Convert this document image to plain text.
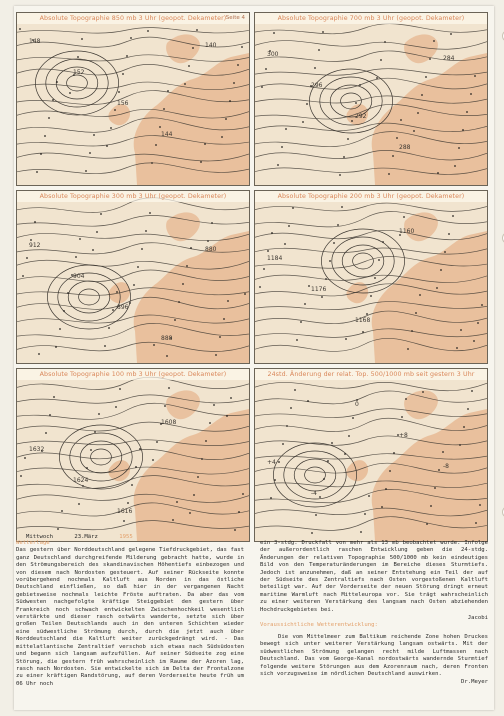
148
152
156
144
140
Absolute Topographie 850 mb 3 Uhr (geopot. Dekameter) Seite 4
300
296
292
288
284
Absolute Topographie 700 mb 3 Uhr (geopot. Dekameter)
912
904
896
888
880
Absolute Topographie 300 mb 3 Uhr (geopot. Dekameter)
1184
1176
1168
1160
Absolute Topographie 200 mb 3 Uhr (geopot. Dekameter)
1632
1624
1616
1608
Absolute Topographie 100 mb 3 Uhr (geopot. Dekameter)
+4
-4
0
+8
-8
24std. Änderung der relat. Top. 500/1000 mb seit gestern 3 Uhr
Mittwoch	23.März	1955
Wetterlage

Das gestern über Norddeutschland gelegene Tiefdruckgebiet, das fast ganz Deutschland durchgreifende Milderung gebracht hatte, wurde in den Strömungsbereich des skandinavischen Höhentiefs einbezogen und von diesem nach Nordosten gesteuert. Auf seiner Rückseite konnte vorübergehend nochmals Kaltluft aus Norden in das östliche Deutschland einfließen, so daß hier in der vergangenen Nacht gebietsweise nochmals leichte Fröste auftraten. Da aber das vom Südwesten nachgefolgte kräftige Steiggebiet den gestern über Frankreich noch schwach entwickelten Zwischenhochkeil wesentlich verstärkte und dieser rasch ostwärts wanderte, setzte sich über großen Teilen Deutschlands auch in den unteren Schichten wieder eine südwestliche Strömung durch, durch die jetzt auch über Norddeutschland die Kaltluft weiter zurückgedrängt wird. - Das mittelatlantische Zentraltief verschob sich etwas nach Südsüdosten und begann sich langsam aufzufüllen. Auf seiner Südseite zog eine Störung, die gestern früh wahrscheinlich im Raume der Azoren lag, rasch nach Nordosten. Sie entwickelte sich im Delta der Frontalzone zu einer kräftigen Randstörung, auf deren Vorderseite heute früh um 06 Uhr noch

ein 3-stdg. Druckfall von mehr als 13 mb beobachtet wurde. Infolge der außerordentlich raschen Entwicklung geben die 24-stdg. Änderungen der relativen Topographie 500/1000 mb kein eindeutiges Bild von den Temperaturänderungen im Bereiche dieses Sturmtiefs. Jedoch ist anzunehmen, daß an seiner Entstehung ein Teil der auf der Südseite des Zentraltiefs nach Osten vorgestoßenen Kaltluft beteiligt war. Auf der Vorderseite der neuen Störung dringt erneut maritime Warmluft nach Mitteleuropa vor. Sie trägt wahrscheinlich zu einer weiteren Verstärkung des langsam nach Osten abziehenden Hochdruckgebietes bei.

Jacobi
Voraussichtliche Wetterentwicklung:

Die vom Mittelmeer zum Baltikum reichende Zone hohen Druckes bewegt sich unter weiterer Verstärkung langsam ostwärts. Mit der südwestlichen Strömung gelangen recht milde Luftmassen nach Deutschland. Das vom George-Kanal nordostwärts wandernde Sturmtief folgende weitere Störungen aus dem Azorenraum nach, deren Fronten sich vorzugsweise im nördlichen Deutschland auswirken.

Dr.Meyer
